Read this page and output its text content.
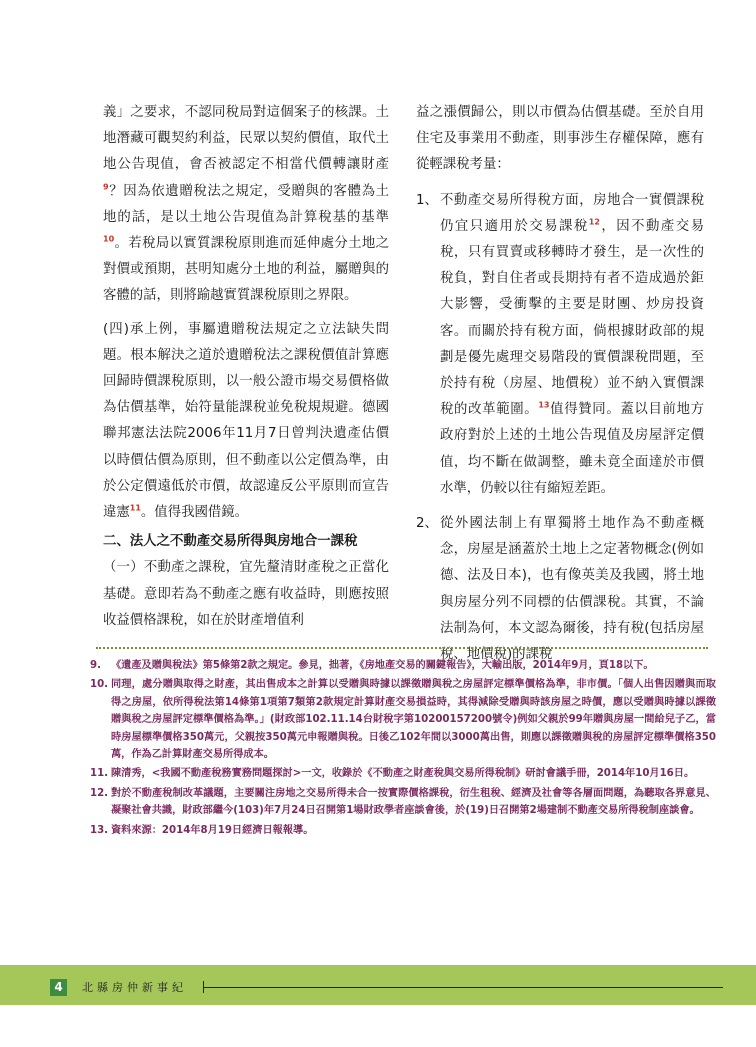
義」之要求，不認同稅局對這個案子的核課。土地潛藏可觀契約利益，民眾以契約價值，取代土地公告現值，會否被認定不相當代價轉讓財產$^9$？因為依遺贈稅法之規定，受贈與的客體為土地的話，是以土地公告現值為計算稅基的基準$^{10}$。若稅局以實質課稅原則進而延伸處分土地之對價或預期，甚明知處分土地的利益，屬贈與的客體的話，則將踰越實質課稅原則之界限。

(四)承上例，事屬遺贈稅法規定之立法缺失問題。根本解決之道於遺贈稅法之課稅價值計算應回歸時價課稅原則，以一般公證市場交易價格做為估價基準，始符量能課稅並免稅規規避。德國聯邦憲法法院2006年11月7日曾判決遺產估價以時價估價為原則，但不動產以公定價為準，由於公定價遠低於市價，故認違反公平原則而宣告違憲$^{11}$。值得我國借鏡。

二、法人之不動產交易所得與房地合一課稅

（一）不動產之課稅，宜先釐清財產稅之正當化基礎。意即若為不動產之應有收益時，則應按照收益價格課稅，如在於財產增值利

益之漲價歸公，則以市價為估價基礎。至於自用住宅及事業用不動產，則事涉生存權保障，應有從輕課稅考量：

1、 不動產交易所得稅方面，房地合一實價課稅仍宜只適用於交易課稅$^{12}$，因不動產交易稅，只有買賣或移轉時才發生，是一次性的稅負，對自住者或長期持有者不造成過於鉅大影響，受衝擊的主要是財團、炒房投資客。而關於持有稅方面，倘根據財政部的規劃是優先處理交易階段的實價課稅問題，至於持有稅（房屋、地價稅）並不納入實價課稅的改革範圍。$^{13}$值得贊同。蓋以目前地方政府對於上述的土地公告現值及房屋評定價值，均不斷在做調整，雖未竟全面達於市價水準，仍較以往有縮短差距。

2、 從外國法制上有單獨將土地作為不動產概念，房屋是涵蓋於土地上之定著物概念(例如德、法及日本)，也有像英美及我國，將土地與房屋分列不同標的估價課稅。其實，不論法制為何，本文認為爾後，持有稅(包括房屋稅、地價稅)的課稅

9. 《遺產及贈與稅法》第5條第2款之規定。參見，拙著，《房地產交易的關鍵報告》，大輸出版，2014年9月，頁18以下。

10. 同理，處分贈與取得之財產，其出售成本之計算以受贈與時據以課徵贈與稅之房屋評定標準價格為準，非市價。「個人出售因贈與而取得之房屋，依所得稅法第14條第1項第7類第2款規定計算財產交易損益時，其得減除受贈與時該房屋之時價，應以受贈與時據以課徵贈與稅之房屋評定標準價格為準。」(財政部102.11.14台財稅字第10200157200號令)例如父親於99年贈與房屋一間給兒子乙，當時房屋標準價格350萬元，父親按350萬元申報贈與稅。日後乙102年間以3000萬出售，則應以課徵贈與稅的房屋評定標準價格350萬，作為乙計算財產交易所得成本。

11. 陳清秀，<我國不動產稅務實務問題探討>一文，收錄於《不動產之財產稅與交易所得稅制》研討會議手冊，2014年10月16日。

12. 對於不動產稅制改革議題，主要關注房地之交易所得未合一按實際價格課稅，衍生租稅、經濟及社會等各層面問題，為聽取各界意見、凝聚社會共識，財政部繼今(103)年7月24日召開第1場財政學者座談會後，於(19)日召開第2場建制不動產交易所得稅制座談會。

13. 資料來源：2014年8月19日經濟日報報導。

4	北縣房仲新事紀
